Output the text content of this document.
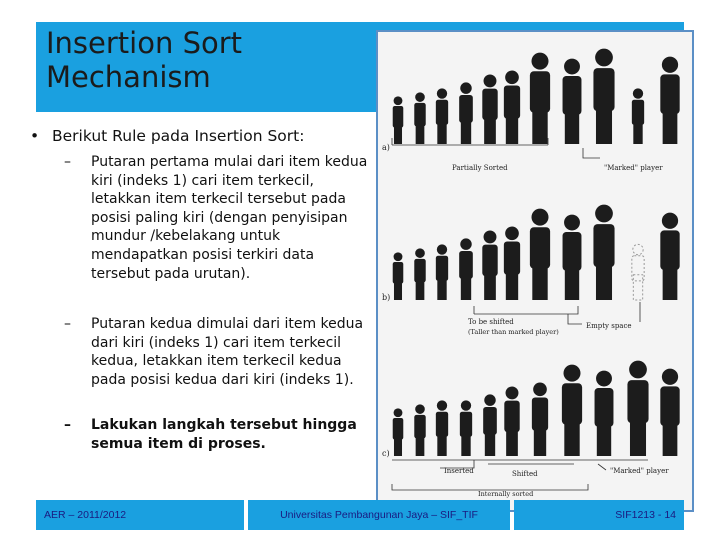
Insertion Sort
Mechanism
• Berikut Rule pada Insertion Sort:
– Putaran pertama mulai dari item kedua kiri (indeks 1) cari item terkecil, letakkan item terkecil tersebut pada posisi paling kiri (dengan penyisipan mundur /kebelakang untuk mendapatkan posisi terkiri data tersebut pada urutan).
– Putaran kedua dimulai dari item kedua dari kiri (indeks 1) cari item terkecil kedua, letakkan item terkecil kedua pada posisi kedua dari kiri (indeks 1).
– Lakukan langkah tersebut hingga semua item di proses.
a)
b)
c)
Partially Sorted	"Marked" player
To be shifted
(Taller than marked player)
Empty space
Inserted	Shifted	"Marked" player
Internally sorted
AER – 2011/2012	Universitas Pembangunan Jaya – SIF_TIF	SIF1213 - 14
